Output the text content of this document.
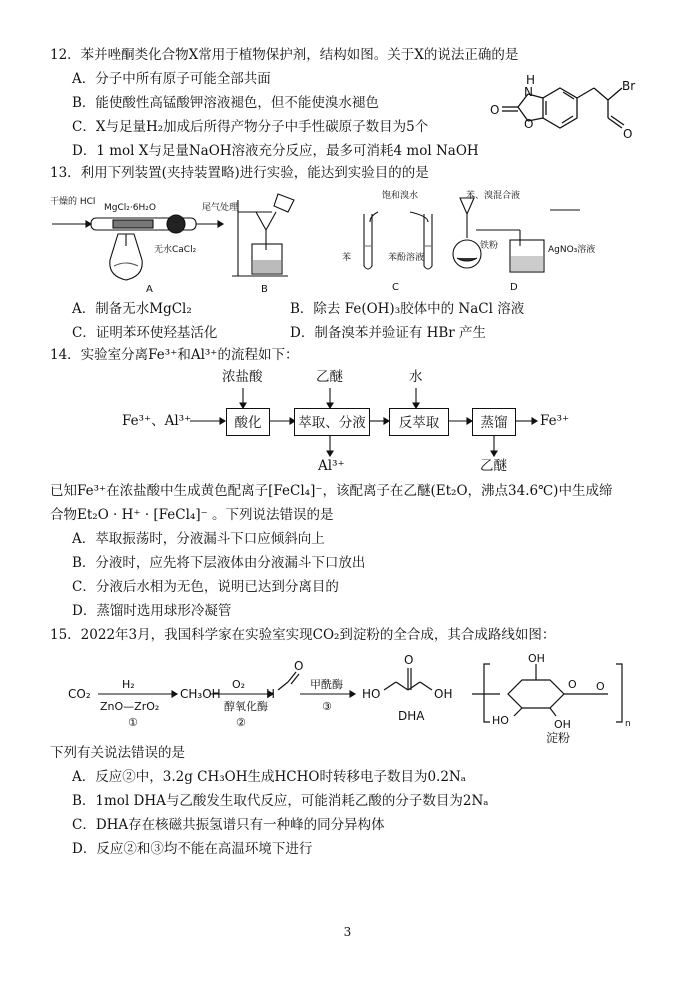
12．苯并唑酮类化合物X常用于植物保护剂，结构如图。关于X的说法正确的是
A．分子中所有原子可能全部共面
B．能使酸性高锰酸钾溶液褪色，但不能使溴水褪色
C．X与足量H₂加成后所得产物分子中手性碳原子数目为5个
D．1 mol X与足量NaOH溶液充分反应，最多可消耗4 mol NaOH
H
N
O
O
Br
O
13．利用下列装置(夹持装置略)进行实验，能达到实验目的的是
干燥的 HCl
MgCl₂·6H₂O
无水CaCl₂
尾气处理
A	B
饱和溴水
苯	苯酚溶液
C
苯、溴混合液
铁粉	AgNO₃溶液
D
A．制备无水MgCl₂	B．除去 Fe(OH)₃胶体中的 NaCl 溶液
C．证明苯环使羟基活化	D．制备溴苯并验证有 HBr 产生
14．实验室分离Fe³⁺和Al³⁺的流程如下：
Fe³⁺、Al³⁺	酸化	萃取、分液	反萃取	蒸馏
浓盐酸	乙醚	水
Al³⁺	乙醚
Fe³⁺
已知Fe³⁺在浓盐酸中生成黄色配离子[FeCl₄]⁻，该配离子在乙醚(Et₂O，沸点34.6℃)中生成缔
合物Et₂O · H⁺ · [FeCl₄]⁻ 。下列说法错误的是
A．萃取振荡时，分液漏斗下口应倾斜向上
B．分液时，应先将下层液体由分液漏斗下口放出
C．分液后水相为无色，说明已达到分离目的
D．蒸馏时选用球形冷凝管
15．2022年3月，我国科学家在实验室实现CO₂到淀粉的全合成，其合成路线如图：
CO₂
H₂
ZnO—ZrO₂
①
CH₃OH
O₂
醇氧化酶
②
H
O
甲酰酶
③
HO
O
OH
DHA
OH
HO	OH
O O
n
淀粉
下列有关说法错误的是
A．反应②中，3.2g CH₃OH生成HCHO时转移电子数目为0.2Nₐ
B．1mol DHA与乙酸发生取代反应，可能消耗乙酸的分子数目为2Nₐ
C．DHA存在核磁共振氢谱只有一种峰的同分异构体
D．反应②和③均不能在高温环境下进行
3
